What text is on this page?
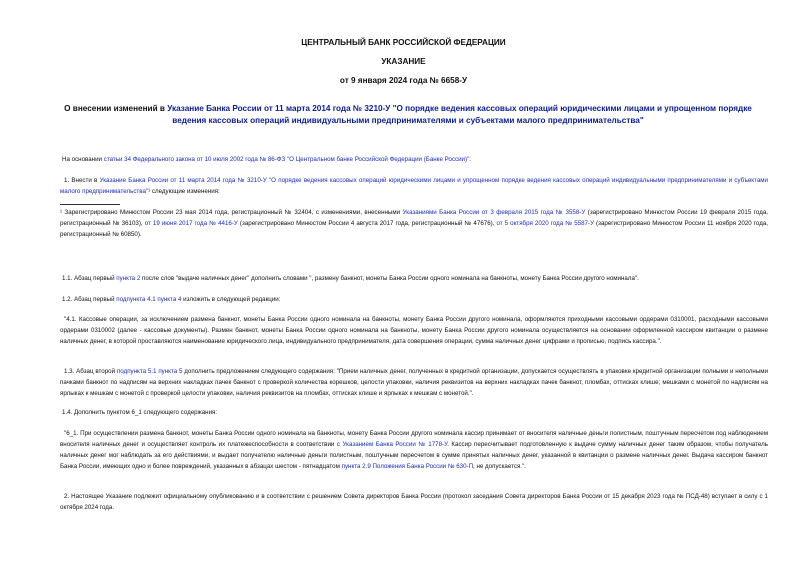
ЦЕНТРАЛЬНЫЙ БАНК РОССИЙСКОЙ ФЕДЕРАЦИИ
УКАЗАНИЕ
от 9 января 2024 года № 6658-У
О внесении изменений в Указание Банка России от 11 марта 2014 года № 3210-У "О порядке ведения кассовых операций юридическими лицами и упрощенном порядке ведения кассовых операций индивидуальными предпринимателями и субъектами малого предпринимательства"
На основании статьи 34 Федерального закона от 10 июля 2002 года № 86-ФЗ "О Центральном банке Российской Федерации (Банке России)":
1. Внести в Указание Банка России от 11 марта 2014 года № 3210-У "О порядке ведения кассовых операций юридическими лицами и упрощенном порядке ведения кассовых операций индивидуальными предпринимателями и субъектами малого предпринимательства"¹ следующие изменения:
¹ Зарегистрировано Минюстом России 23 мая 2014 года, регистрационный № 32404, с изменениями, внесенными Указаниями Банка России от 3 февраля 2015 года № 3558-У (зарегистрировано Минюстом России 19 февраля 2015 года, регистрационный № 36103), от 19 июня 2017 года № 4416-У (зарегистрировано Минюстом России 4 августа 2017 года, регистрационный № 47676), от 5 октября 2020 года № 5587-У (зарегистрировано Минюстом России 11 ноября 2020 года, регистрационный № 60850).
1.1. Абзац первый пункта 2 после слов "выдаче наличных денег" дополнить словами ", размену банкнот, монеты Банка России одного номинала на банкноты, монету Банка России другого номинала".
1.2. Абзац первый подпункта 4.1 пункта 4 изложить в следующей редакции:
"4.1. Кассовые операции, за исключением размена банкнот, монеты Банка России одного номинала на банкноты, монету Банка России другого номинала, оформляются приходными кассовыми ордерами 0310001, расходными кассовыми ордерами 0310002 (далее - кассовые документы). Размен банкнот, монеты Банка России одного номинала на банкноты, монету Банка России другого номинала осуществляется на основании оформленной кассиром квитанции о размене наличных денег, в которой проставляются наименование юридического лица, индивидуального предпринимателя, дата совершения операции, сумма наличных денег цифрами и прописью, подпись кассира.".
1.3. Абзац второй подпункта 5.1 пункта 5 дополнить предложением следующего содержания: "Прием наличных денег, полученных в кредитной организации, допускается осуществлять в упаковке кредитной организации полными и неполными пачками банкнот по надписям на верхних накладках пачек банкнот с проверкой количества корешков, целости упаковки, наличия реквизитов на верхних накладках пачек банкнот, пломбах, оттисках клише; мешками с монетой по надписям на ярлыках к мешкам с монетой с проверкой целости упаковки, наличия реквизитов на пломбах, оттисках клише и ярлыках к мешкам с монетой.".
1.4. Дополнить пунктом 6_1 следующего содержания:
"6_1. При осуществлении размена банкнот, монеты Банка России одного номинала на банкноты, монету Банка России другого номинала кассир принимает от вносителя наличные деньги полистным, поштучным пересчетом под наблюдением вносителя наличных денег и осуществляет контроль их платежеспособности в соответствии с Указанием Банка России № 1778-У. Кассир пересчитывает подготовленную к выдаче сумму наличных денег таким образом, чтобы получатель наличных денег мог наблюдать за его действиями, и выдает получателю наличные деньги полистным, поштучным пересчетом в сумме принятых наличных денег, указанной в квитанции о размене наличных денег. Выдача кассиром банкнот Банка России, имеющих одно и более повреждений, указанных в абзацах шестом - пятнадцатом пункта 2.9 Положения Банка России № 630-П, не допускается.".
2. Настоящее Указание подлежит официальному опубликованию и в соответствии с решением Совета директоров Банка России (протокол заседания Совета директоров Банка России от 15 декабря 2023 года № ПСД-48) вступает в силу с 1 октября 2024 года.
